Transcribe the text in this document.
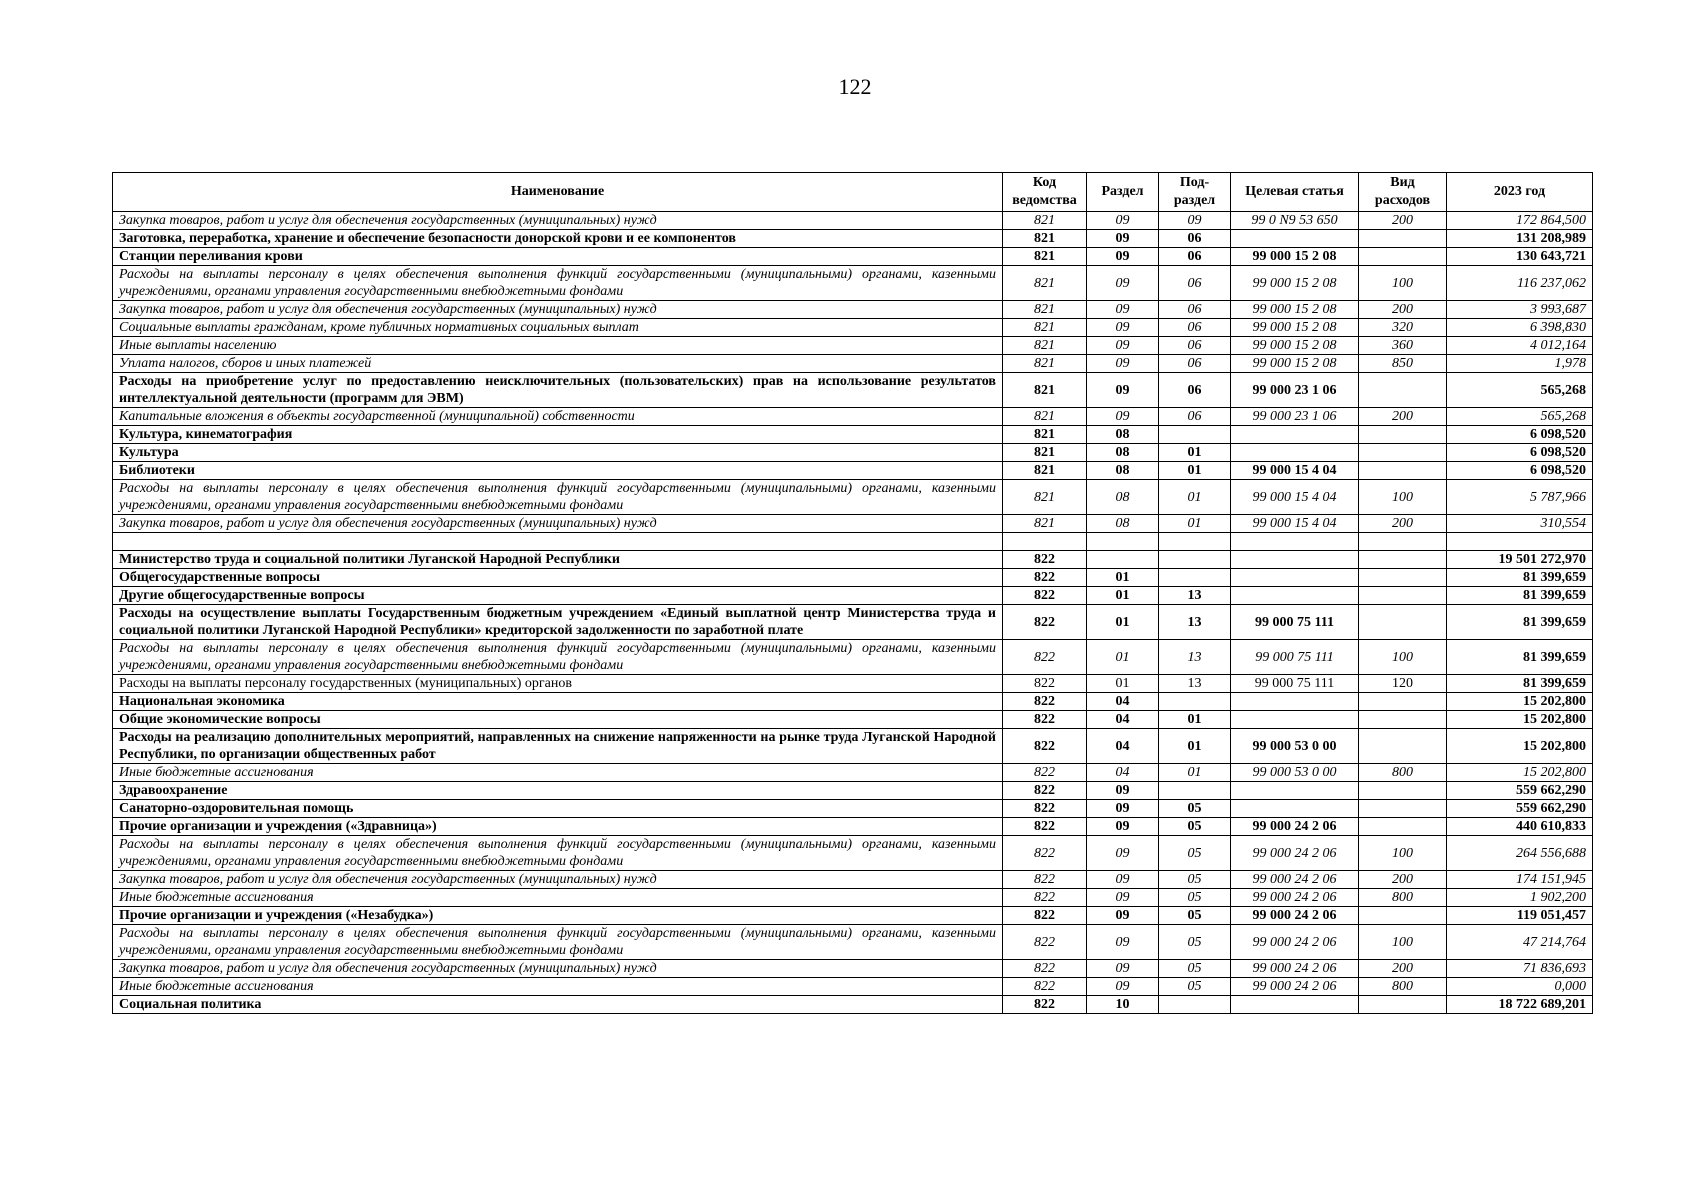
122
Наименование	Код ведомства	Раздел	Под-раздел	Целевая статья	Вид расходов	2023 год
Закупка товаров, работ и услуг для обеспечения государственных (муниципальных) нужд	821	09	09	99 0 N9 53 650	200	172 864,500
Заготовка, переработка, хранение и обеспечение безопасности донорской крови и ее компонентов	821	09	06			131 208,989
Станции переливания крови	821	09	06	99 000 15 2 08		130 643,721
Расходы на выплаты персоналу в целях обеспечения выполнения функций государственными (муниципальными) органами, казенными учреждениями, органами управления государственными внебюджетными фондами	821	09	06	99 000 15 2 08	100	116 237,062
Закупка товаров, работ и услуг для обеспечения государственных (муниципальных) нужд	821	09	06	99 000 15 2 08	200	3 993,687
Социальные выплаты гражданам, кроме публичных нормативных социальных выплат	821	09	06	99 000 15 2 08	320	6 398,830
Иные выплаты населению	821	09	06	99 000 15 2 08	360	4 012,164
Уплата налогов, сборов и иных платежей	821	09	06	99 000 15 2 08	850	1,978
Расходы на приобретение услуг по предоставлению неисключительных (пользовательских) прав на использование результатов интеллектуальной деятельности (программ для ЭВМ)	821	09	06	99 000 23 1 06		565,268
Капитальные вложения в объекты государственной (муниципальной) собственности	821	09	06	99 000 23 1 06	200	565,268
Культура, кинематография	821	08				6 098,520
Культура	821	08	01			6 098,520
Библиотеки	821	08	01	99 000 15 4 04		6 098,520
Расходы на выплаты персоналу в целях обеспечения выполнения функций государственными (муниципальными) органами, казенными учреждениями, органами управления государственными внебюджетными фондами	821	08	01	99 000 15 4 04	100	5 787,966
Закупка товаров, работ и услуг для обеспечения государственных (муниципальных) нужд	821	08	01	99 000 15 4 04	200	310,554

Министерство труда и социальной политики Луганской Народной Республики	822					19 501 272,970
Общегосударственные вопросы	822	01				81 399,659
Другие общегосударственные вопросы	822	01	13			81 399,659
Расходы на осуществление выплаты Государственным бюджетным учреждением «Единый выплатной центр Министерства труда и социальной политики Луганской Народной Республики» кредиторской задолженности по заработной плате	822	01	13	99 000 75 111		81 399,659
Расходы на выплаты персоналу в целях обеспечения выполнения функций государственными (муниципальными) органами, казенными учреждениями, органами управления государственными внебюджетными фондами	822	01	13	99 000 75 111	100	81 399,659
Расходы на выплаты персоналу государственных (муниципальных) органов	822	01	13	99 000 75 111	120	81 399,659
Национальная экономика	822	04				15 202,800
Общие экономические вопросы	822	04	01			15 202,800
Расходы на реализацию дополнительных мероприятий, направленных на снижение напряженности на рынке труда Луганской Народной Республики, по организации общественных работ	822	04	01	99 000 53 0 00		15 202,800
Иные бюджетные ассигнования	822	04	01	99 000 53 0 00	800	15 202,800
Здравоохранение	822	09				559 662,290
Санаторно-оздоровительная помощь	822	09	05			559 662,290
Прочие организации и учреждения («Здравница»)	822	09	05	99 000 24 2 06		440 610,833
Расходы на выплаты персоналу в целях обеспечения выполнения функций государственными (муниципальными) органами, казенными учреждениями, органами управления государственными внебюджетными фондами	822	09	05	99 000 24 2 06	100	264 556,688
Закупка товаров, работ и услуг для обеспечения государственных (муниципальных) нужд	822	09	05	99 000 24 2 06	200	174 151,945
Иные бюджетные ассигнования	822	09	05	99 000 24 2 06	800	1 902,200
Прочие организации и учреждения («Незабудка»)	822	09	05	99 000 24 2 06		119 051,457
Расходы на выплаты персоналу в целях обеспечения выполнения функций государственными (муниципальными) органами, казенными учреждениями, органами управления государственными внебюджетными фондами	822	09	05	99 000 24 2 06	100	47 214,764
Закупка товаров, работ и услуг для обеспечения государственных (муниципальных) нужд	822	09	05	99 000 24 2 06	200	71 836,693
Иные бюджетные ассигнования	822	09	05	99 000 24 2 06	800	0,000
Социальная политика	822	10				18 722 689,201
